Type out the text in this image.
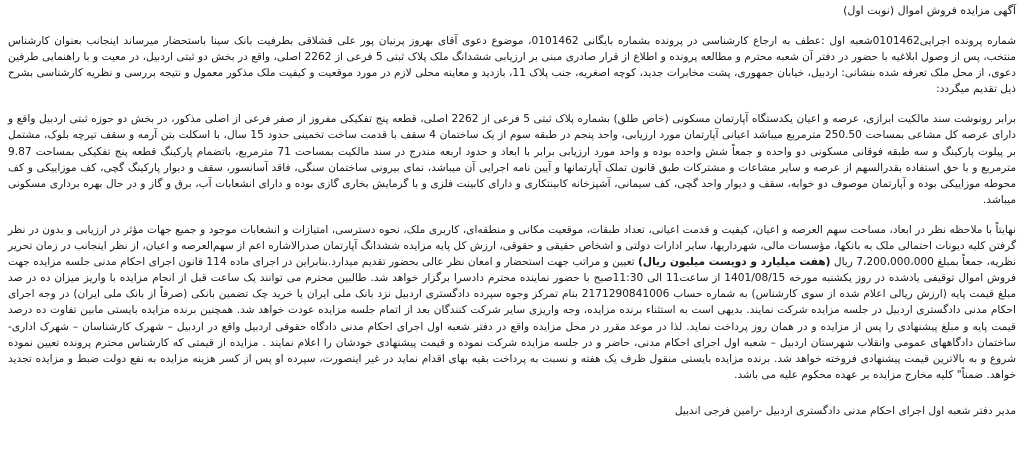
آگهی مزایده فروش اموال (نوبت اول)

شماره پرونده اجرایی0101462شعبه اول :عطف به ارجاع کارشناسی در پرونده بشماره بایگانی 0101462، موضوع دعوی آقای بهروز پرنیان پور علی قشلاقی بطرفیت بانک سینا باستحضار میرساند اینجانب بعنوان کارشناس منتخب، پس از وصول ابلاغیه با حضور در دفتر آن شعبه محترم و مطالعه پرونده و اطلاع از قرار صادری مبنی بر ارزیابی ششدانگ ملک پلاک ثبتی 5 فرعی از 2262 اصلی، واقع در بخش دو ثبتی اردبیل، در معیت و با راهنمایی طرفین دعوی، از محل ملک تعرفه شده بنشانی: اردبیل، خیابان جمهوری، پشت مخابرات جدید، کوچه اصغریه، جنب پلاک 11، بازدید و معاینه محلی لازم در مورد موقعیت و کیفیت ملک مذکور معمول و نتیجه بررسی و نظریه کارشناسی بشرح ذیل تقدیم میگردد:

برابر رونوشت سند مالکیت ابرازی، عرصه و اعیان یکدستگاه آپارتمان مسکونی (خاص طلق) بشماره پلاک ثبتی 5 فرعی از 2262 اصلی، قطعه پنج تفکیکی مفروز از صفر فرعی از اصلی مذکور، در بخش دو حوزه ثبتی اردبیل واقع و دارای عرصه کل مشاعی بمساحت 250.50 مترمربع میباشد اعیانی آپارتمان مورد ارزیابی، واحد پنجم در طبقه سوم از یک ساختمان 4 سقف با قدمت ساخت تخمینی حدود 15 سال، با اسکلت بتن آرمه و سقف تیرچه بلوک، مشتمل بر پیلوت پارکینگ و سه طبقه فوقانی مسکونی دو واحده و جمعاً شش واحده بوده و واحد مورد ارزیابی برابر با ابعاد و حدود اربعه مندرج در سند مالکیت بمساحت 71 مترمربع، باتضمام پارکینگ قطعه پنج تفکیکی بمساحت 9.87 مترمربع و با حق استفاده بقدرالسهم از عرصه و سایر مشاعات و مشترکات طبق قانون تملک آپارتمانها و آیین نامه اجرایی آن میباشد، نمای بیرونی ساختمان سنگی، فاقد آسانسور، سقف و دیوار پارکینگ گچی، کف موزاییکی و کف محوطه موزاییکی بوده و آپارتمان موصوف دو خوابه، سقف و دیوار واحد گچی، کف سیمانی، آشپزخانه کابینتکاری و دارای کابینت فلزی و با گرمایش بخاری گازی بوده و دارای انشعابات آب، برق و گاز و در حال بهره برداری مسکونی میباشد.

نهایتاً با ملاحظه نظر در ابعاد، مساحت سهم العرصه و اعیان، کیفیت و قدمت اعیانی، تعداد طبقات، موقعیت مکانی و منطقه‌ای، کاربری ملک، نحوه دسترسی، امتیازات و انشعابات موجود و جمیع جهات مؤثر در ارزیابی و بدون در نظر گرفتن کلیه دیونات احتمالی ملک به بانکها، مؤسسات مالی، شهرداریها، سایر ادارات دولتی و اشخاص حقیقی و حقوقی، ارزش کل پایه مزایده ششدانگ آپارتمان صدرالاشاره اعم از سهم‌العرصه و اعیان، از نظر اینجانب در زمان تحریر نظریه، جمعاً بمبلغ 7،200،000،000 ریال (هفت میلیارد و دویست میلیون ریال) تعیین و مراتب جهت استحضار و امعان نظر عالی بحضور تقدیم میدارد.بنابراین در اجرای ماده 114 قانون اجرای احکام مدنی جلسه مزایده جهت فروش اموال توقیفی یادشده در روز یکشنبه مورخه 1401/08/15 از ساعت11 الی 11:30صبح با حضور نماینده محترم دادسرا برگزار خواهد شد. طالبین محترم می توانند یک ساعت قبل از انجام مزایده با واریز میزان ده در صد مبلغ قیمت پایه (ارزش ریالی اعلام شده از سوی کارشناس) به شماره حساب 2171290841006 بنام تمرکز وجوه سپرده دادگستری اردبیل نزد بانک ملی ایران یا خرید چک تضمین بانکی (صرفاً از بانک ملی ایران) در وجه اجرای احکام مدنی دادگستری اردبیل در جلسه مزایده شرکت نمایند. بدیهی است به استثناء برنده مزایده، وجه واریزی سایر شرکت کنندگان بعد از اتمام جلسه مزایده عودت خواهد شد. همچنین برنده مزایده بایستی مابین تفاوت ده درصد قیمت پایه و مبلغ پیشنهادی را پس از مزایده و در همان روز پرداخت نماید. لذا در موعد مقرر در محل مزایده واقع در دفتر شعبه اول اجرای احکام مدنی دادگاه حقوقی اردبیل واقع در اردبیل – شهرک کارشناسان – شهرک اداری- ساختمان دادگاههای عمومی وانقلاب شهرستان اردبیل – شعبه اول اجرای احکام مدنی، حاضر و در جلسه مزایده شرکت نموده و قیمت پیشنهادی خودشان را اعلام نمایند . مزایده از قیمتی که کارشناس محترم پرونده تعیین نموده شروع و به بالاترین قیمت پیشنهادی فروخته خواهد شد. برنده مزایده بایستی منقول ظرف یک هفته و نسبت به پرداخت بقیه بهای اقدام نماید در غیر اینصورت، سپرده او پس از کسر هزینه مزایده به نفع دولت ضبط و مزایده تجدید خواهد. ضمناً" کلیه مخارج مزایده بر عهده محکوم علیه می باشد.

مدیر دفتر شعبه اول اجرای احکام مدنی دادگستری اردبیل -رامین فرجی اندبیل
